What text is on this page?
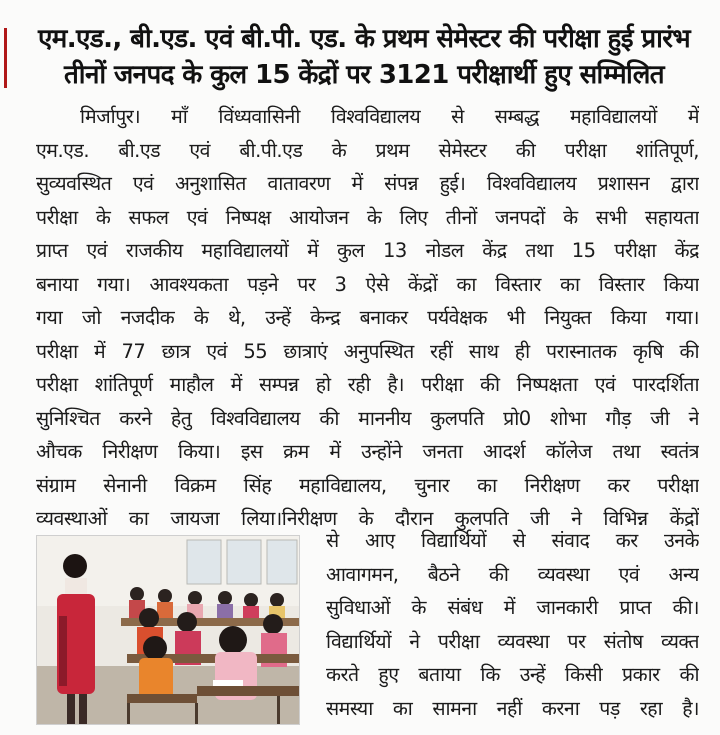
एम.एड., बी.एड. एवं बी.पी. एड. के प्रथम सेमेस्टर की परीक्षा हुई प्रारंभ
तीनों जनपद के कुल 15 केंद्रों पर 3121 परीक्षार्थी हुए सम्मिलित
मिर्जापुर। माँ विंध्यवासिनी विश्वविद्यालय से सम्बद्ध महाविद्यालयों में
एम.एड. बी.एड एवं बी.पी.एड के प्रथम सेमेस्टर की परीक्षा शांतिपूर्ण,
सुव्यवस्थित एवं अनुशासित वातावरण में संपन्न हुई। विश्वविद्यालय प्रशासन द्वारा
परीक्षा के सफल एवं निष्पक्ष आयोजन के लिए तीनों जनपदों के सभी सहायता
प्राप्त एवं राजकीय महाविद्यालयों में कुल 13 नोडल केंद्र तथा 15 परीक्षा केंद्र
बनाया गया। आवश्यकता पड़ने पर 3 ऐसे केंद्रों का विस्तार का विस्तार किया
गया जो नजदीक के थे, उन्हें केन्द्र बनाकर पर्यवेक्षक भी नियुक्त किया गया।
परीक्षा में 77 छात्र एवं 55 छात्राएं अनुपस्थित रहीं साथ ही परास्नातक कृषि की
परीक्षा शांतिपूर्ण माहौल में सम्पन्न हो रही है। परीक्षा की निष्पक्षता एवं पारदर्शिता
सुनिश्चित करने हेतु विश्वविद्यालय की माननीय कुलपति प्रो0 शोभा गौड़ जी ने
औचक निरीक्षण किया। इस क्रम में उन्होंने जनता आदर्श कॉलेज तथा स्वतंत्र
संग्राम सेनानी विक्रम सिंह महाविद्यालय, चुनार का निरीक्षण कर परीक्षा
व्यवस्थाओं का जायजा लिया।निरीक्षण के दौरान कुलपति जी ने विभिन्न केंद्रों
से आए विद्यार्थियों से संवाद कर उनके
आवागमन, बैठने की व्यवस्था एवं अन्य
सुविधाओं के संबंध में जानकारी प्राप्त की।
विद्यार्थियों ने परीक्षा व्यवस्था पर संतोष व्यक्त
करते हुए बताया कि उन्हें किसी प्रकार की
समस्या का सामना नहीं करना पड़ रहा है।
